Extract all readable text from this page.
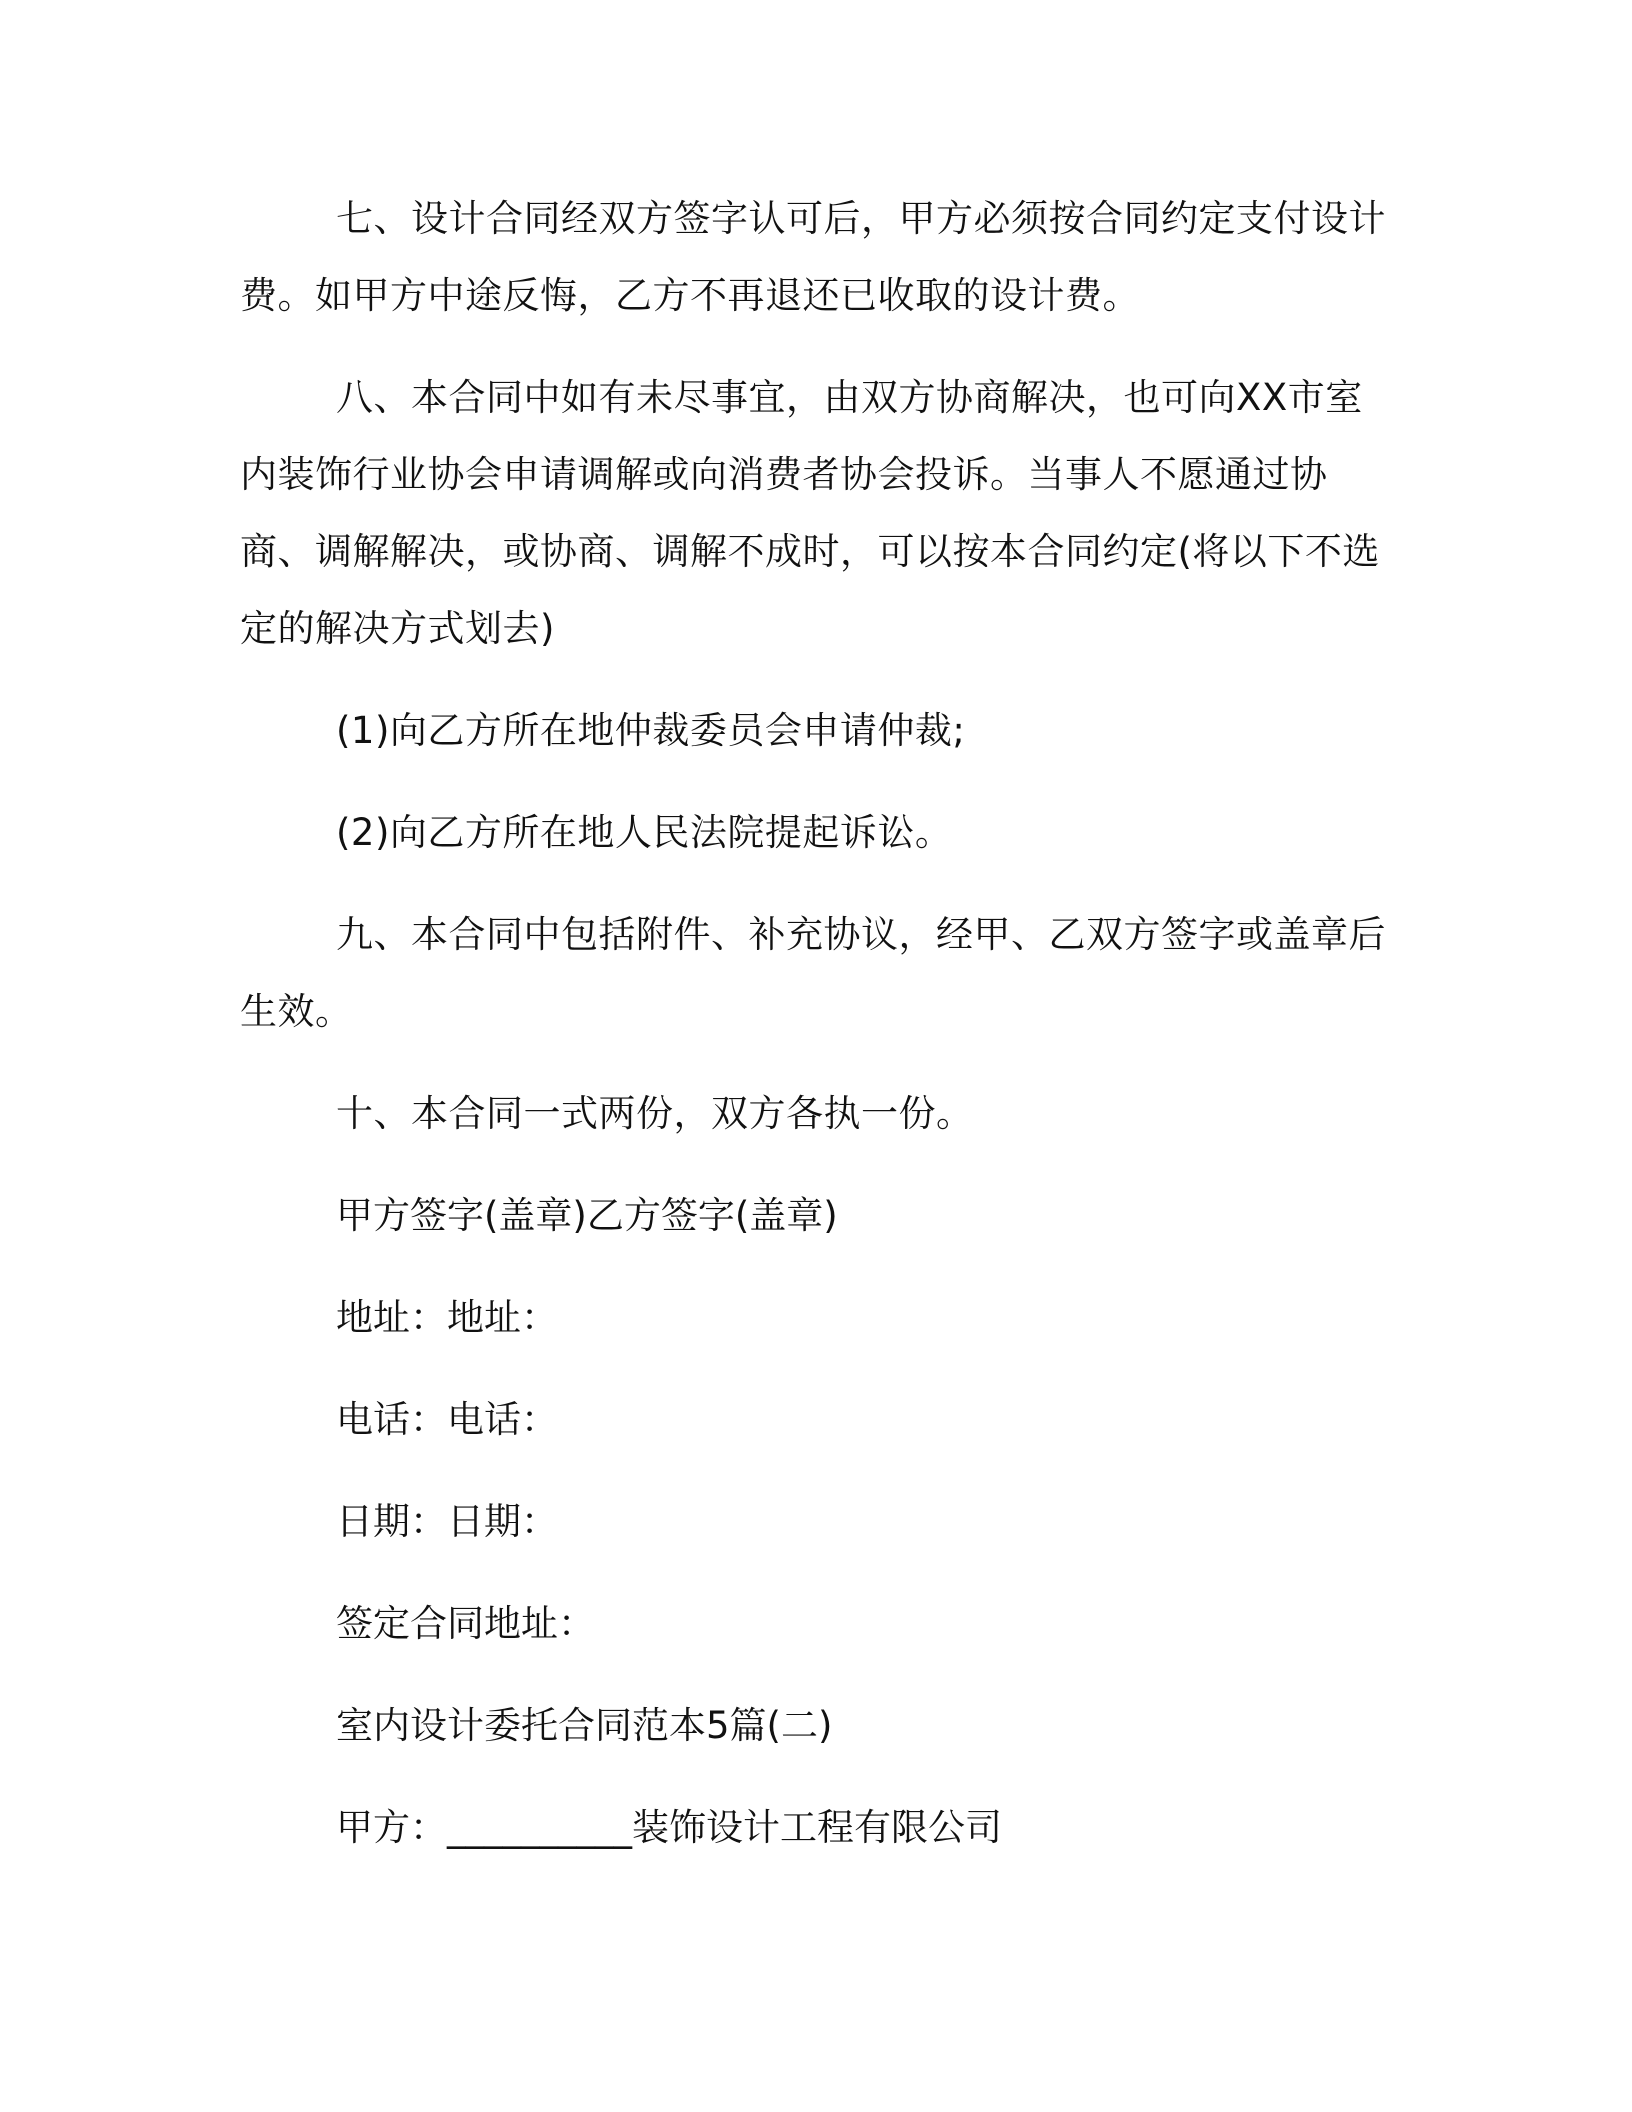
七、设计合同经双方签字认可后，甲方必须按合同约定支付设计费。如甲方中途反悔，乙方不再退还已收取的设计费。

八、本合同中如有未尽事宜，由双方协商解决，也可向XX市室内装饰行业协会申请调解或向消费者协会投诉。当事人不愿通过协商、调解解决，或协商、调解不成时，可以按本合同约定(将以下不选定的解决方式划去)

(1)向乙方所在地仲裁委员会申请仲裁;

(2)向乙方所在地人民法院提起诉讼。

九、本合同中包括附件、补充协议，经甲、乙双方签字或盖章后生效。

十、本合同一式两份，双方各执一份。

甲方签字(盖章)乙方签字(盖章)
地址：地址：
电话：电话：
日期：日期：
签定合同地址：
室内设计委托合同范本5篇(二)
甲方：__________装饰设计工程有限公司
